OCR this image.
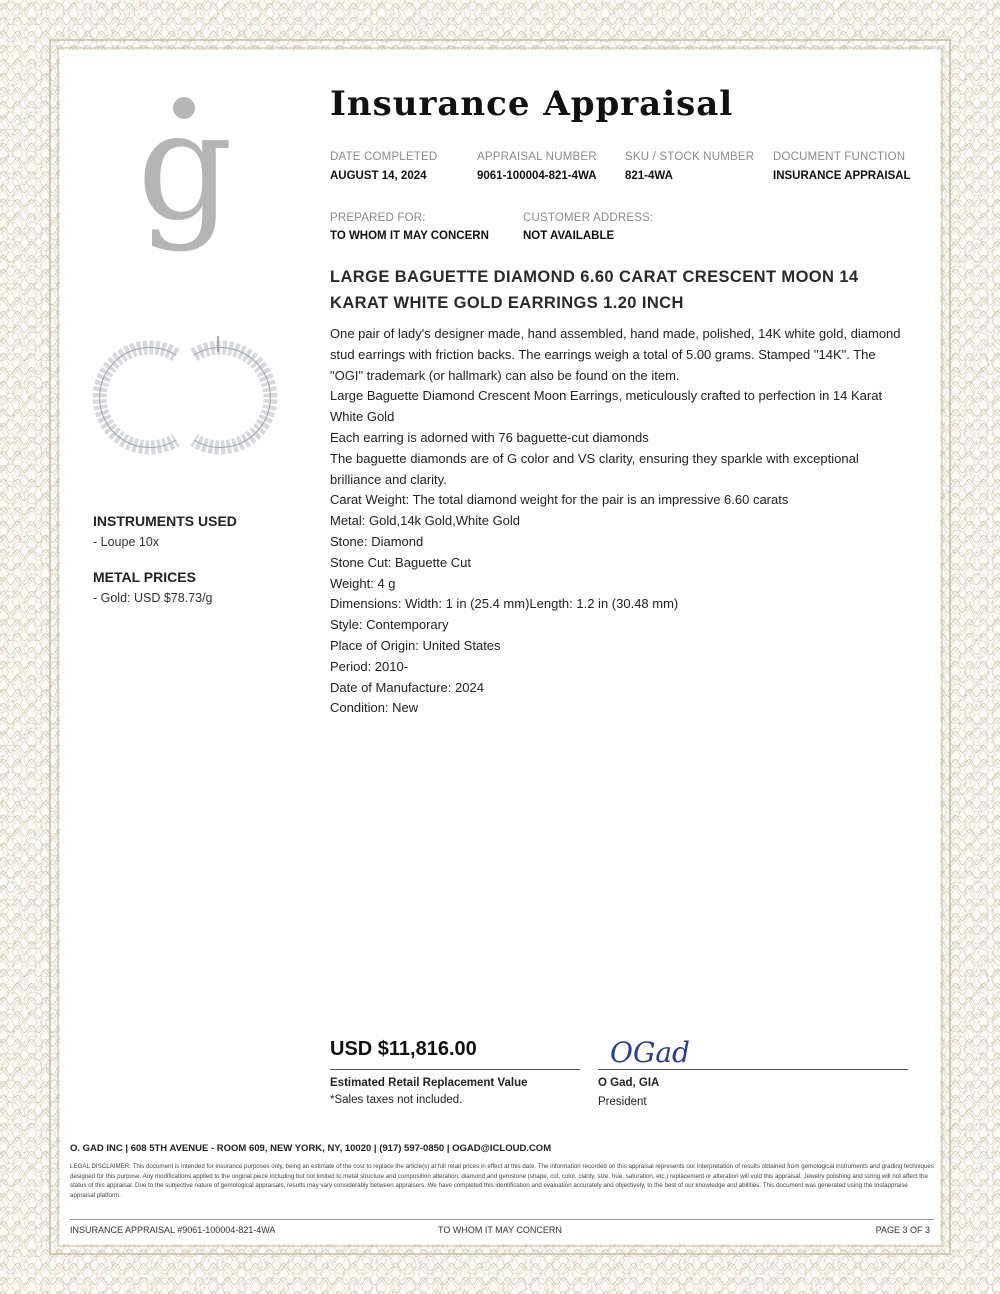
g	Insurance Appraisal
DATE COMPLETED
AUGUST 14, 2024
APPRAISAL NUMBER
9061-100004-821-4WA
SKU / STOCK NUMBER
821-4WA
DOCUMENT FUNCTION
INSURANCE APPRAISAL
PREPARED FOR:
TO WHOM IT MAY CONCERN
CUSTOMER ADDRESS:
NOT AVAILABLE
LARGE BAGUETTE DIAMOND 6.60 CARAT CRESCENT MOON 14 KARAT WHITE GOLD EARRINGS 1.20 INCH

One pair of lady's designer made, hand assembled, hand made, polished, 14K white gold, diamond stud earrings with friction backs. The earrings weigh a total of 5.00 grams. Stamped "14K". The "OGI" trademark (or hallmark) can also be found on the item.

Large Baguette Diamond Crescent Moon Earrings, meticulously crafted to perfection in 14 Karat White Gold

Each earring is adorned with 76 baguette-cut diamonds

The baguette diamonds are of G color and VS clarity, ensuring they sparkle with exceptional brilliance and clarity.

Carat Weight: The total diamond weight for the pair is an impressive 6.60 carats

Metal: Gold,14k Gold,White Gold

Stone: Diamond

Stone Cut: Baguette Cut

Weight: 4 g

Dimensions: Width: 1 in (25.4 mm)Length: 1.2 in (30.48 mm)

Style: Contemporary

Place of Origin: United States

Period: 2010-

Date of Manufacture: 2024

Condition: New

INSTRUMENTS USED
- Loupe 10x
METAL PRICES
- Gold: USD $78.73/g
USD $11,816.00
Estimated Retail Replacement Value
*Sales taxes not included.
OGad
O Gad, GIA
President
O. GAD INC | 608 5TH AVENUE - ROOM 609, NEW YORK, NY, 10020 | (917) 597-0850 | OGAD@ICLOUD.COM
LEGAL DISCLAIMER: This document is intended for insurance purposes only, being an estimate of the cost to replace the article(s) at full retail prices in effect at this date. The information recorded on this appraisal represents our interpretation of results obtained from gemological instruments and grading techniques designed for this purpose. Any modifications applied to the original piece including but not limited to metal structure and composition alteration, diamond and gemstone (shape, cut, color, clarity, size, hue, saturation, etc.) replacement or alteration will void this appraisal. Jewelry polishing and sizing will not affect the status of this appraisal. Due to the subjective nature of gemological appraisals, results may vary considerably between appraisers. We have completed this identification and evaluation accurately and objectively, to the best of our knowledge and abilities. This document was generated using the Instappraise appraisal platform.
INSURANCE APPRAISAL #9061-100004-821-4WA	TO WHOM IT MAY CONCERN	PAGE 3 OF 3
